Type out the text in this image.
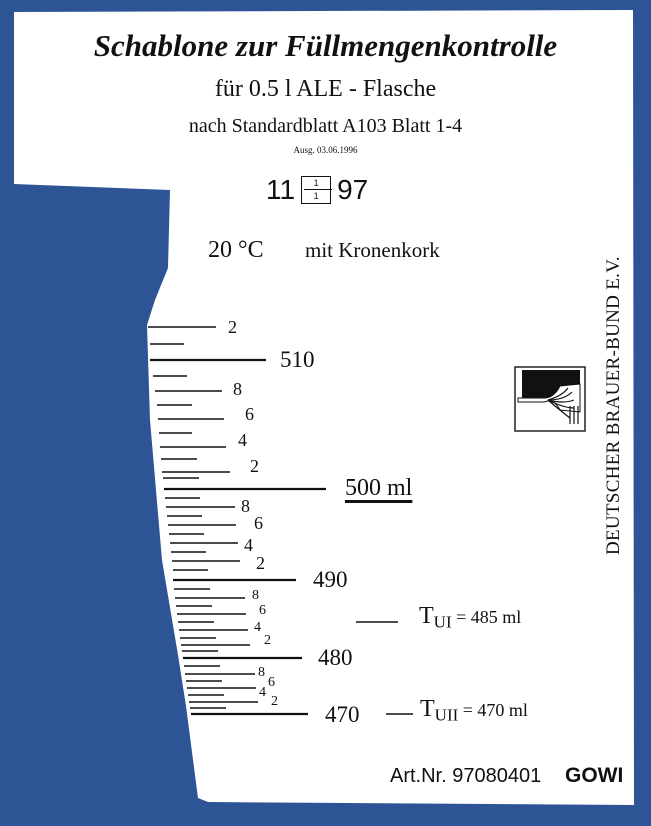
Schablone zur Füllmengenkontrolle
für 0.5 l ALE - Flasche
nach Standardblatt A103 Blatt 1-4
Ausg. 03.06.1996
$11 \frac{1}{1} 97$
20 °C mit Kronenkork
2
510
8
6
4
2
500 ml
8
6
4
2
490
8
6
4
2
480
8
6
4
2
470
$T_{UI} = 485$ ml
$T_{UII} = 470$ ml
DEUTSCHER BRAUER-BUND E.V.
Art.Nr. 97080401 GOWI
